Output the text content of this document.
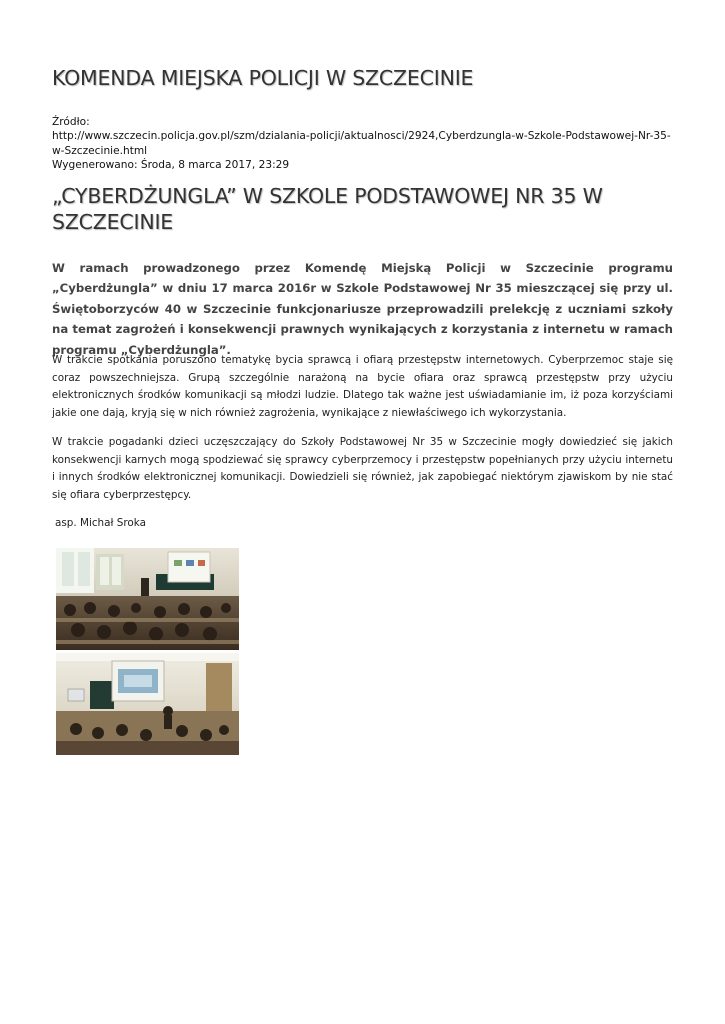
KOMENDA MIEJSKA POLICJI W SZCZECINIE
Źródło:
http://www.szczecin.policja.gov.pl/szm/dzialania-policji/aktualnosci/2924,Cyberdzungla-w-Szkole-Podstawowej-Nr-35-w-Szczecinie.html
Wygenerowano: Środa, 8 marca 2017, 23:29
„CYBERDŻUNGLA” W SZKOLE PODSTAWOWEJ NR 35 W SZCZECINIE

W ramach prowadzonego przez Komendę Miejską Policji w Szczecinie programu „Cyberdżungla” w dniu 17 marca 2016r w Szkole Podstawowej Nr 35 mieszczącej się przy ul. Świętoborzyców 40 w Szczecinie funkcjonariusze przeprowadzili prelekcję z uczniami szkoły na temat zagrożeń i konsekwencji prawnych wynikających z korzystania z internetu w ramach programu „Cyberdżungla”.

W trakcie spotkania poruszono tematykę bycia sprawcą i ofiarą przestępstw internetowych. Cyberprzemoc staje się coraz powszechniejsza. Grupą szczególnie narażoną na bycie ofiara oraz sprawcą przestępstw przy użyciu elektronicznych środków komunikacji są młodzi ludzie. Dlatego tak ważne jest uświadamianie im, iż poza korzyściami jakie one dają, kryją się w nich również zagrożenia, wynikające z niewłaściwego ich wykorzystania.

W trakcie pogadanki dzieci uczęszczający do Szkoły Podstawowej Nr 35 w Szczecinie mogły dowiedzieć się jakich konsekwencji karnych mogą spodziewać się sprawcy cyberprzemocy i przestępstw popełnianych przy użyciu internetu i innych środków elektronicznej komunikacji. Dowiedzieli się również, jak zapobiegać niektórym zjawiskom by nie stać się ofiara cyberprzestępcy.

asp. Michał Sroka
